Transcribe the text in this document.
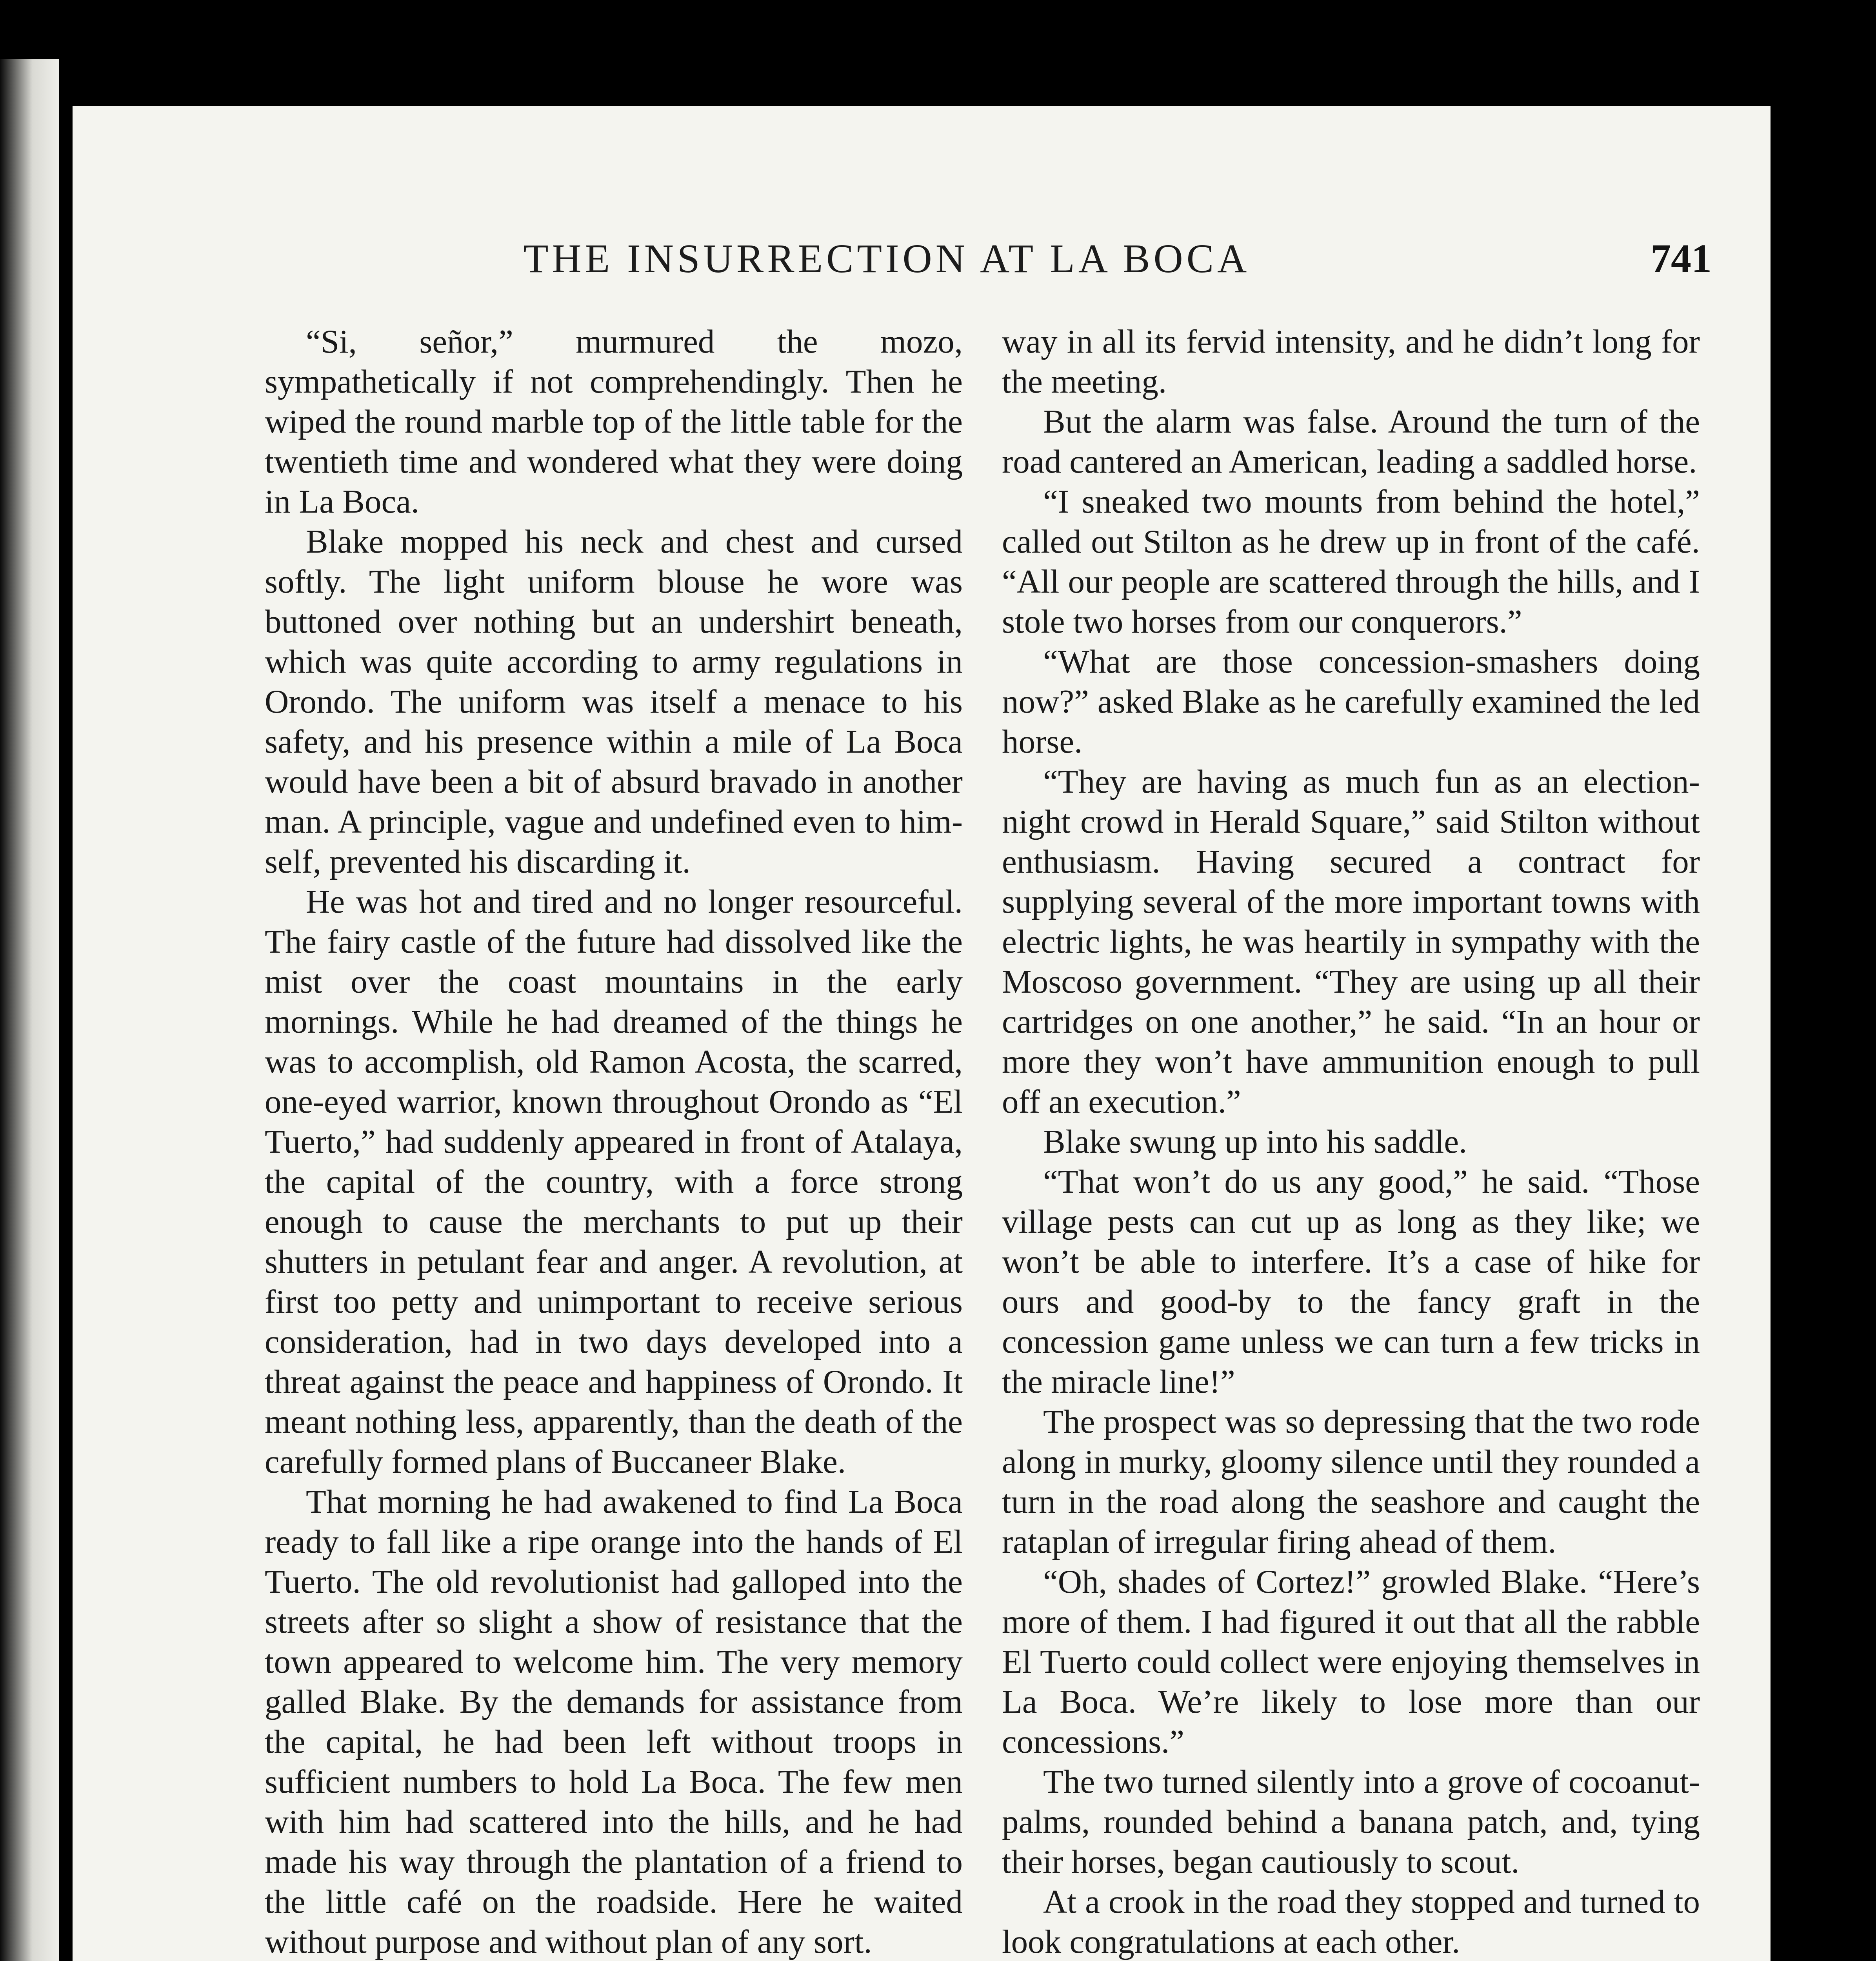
THE INSURRECTION AT LA BOCA	741

“Si, señor,” murmured the mozo, sympathetically if not comprehendingly. Then he wiped the round marble top of the little table for the twentieth time and wondered what they were doing in La Boca.

Blake mopped his neck and chest and cursed softly. The light uniform blouse he wore was buttoned over nothing but an undershirt beneath, which was quite according to army regulations in Orondo. The uniform was itself a menace to his safety, and his presence within a mile of La Boca would have been a bit of absurd bravado in another man. A principle, vague and undefined even to himself, prevented his discarding it.

He was hot and tired and no longer resourceful. The fairy castle of the future had dissolved like the mist over the coast mountains in the early mornings. While he had dreamed of the things he was to accomplish, old Ramon Acosta, the scarred, one-eyed warrior, known throughout Orondo as “El Tuerto,” had suddenly appeared in front of Atalaya, the capital of the country, with a force strong enough to cause the merchants to put up their shutters in petulant fear and anger. A revolution, at first too petty and unimportant to receive serious consideration, had in two days developed into a threat against the peace and happiness of Orondo. It meant nothing less, apparently, than the death of the carefully formed plans of Buccaneer Blake.

That morning he had awakened to find La Boca ready to fall like a ripe orange into the hands of El Tuerto. The old revolutionist had galloped into the streets after so slight a show of resistance that the town appeared to welcome him. The very memory galled Blake. By the demands for assistance from the capital, he had been left without troops in sufficient numbers to hold La Boca. The few men with him had scattered into the hills, and he had made his way through the plantation of a friend to the little café on the roadside. Here he waited without purpose and without plan of any sort.

way in all its fervid intensity, and he didn’t long for the meeting.

But the alarm was false. Around the turn of the road cantered an American, leading a saddled horse.

“I sneaked two mounts from behind the hotel,” called out Stilton as he drew up in front of the café. “All our people are scattered through the hills, and I stole two horses from our conquerors.”

“What are those concession-smashers doing now?” asked Blake as he carefully examined the led horse.

“They are having as much fun as an election-night crowd in Herald Square,” said Stilton without enthusiasm. Having secured a contract for supplying several of the more important towns with electric lights, he was heartily in sympathy with the Moscoso government. “They are using up all their cartridges on one another,” he said. “In an hour or more they won’t have ammunition enough to pull off an execution.”

Blake swung up into his saddle.

“That won’t do us any good,” he said. “Those village pests can cut up as long as they like; we won’t be able to interfere. It’s a case of hike for ours and good-by to the fancy graft in the concession game unless we can turn a few tricks in the miracle line!”

The prospect was so depressing that the two rode along in murky, gloomy silence until they rounded a turn in the road along the seashore and caught the rataplan of irregular firing ahead of them.

“Oh, shades of Cortez!” growled Blake. “Here’s more of them. I had figured it out that all the rabble El Tuerto could collect were enjoying themselves in La Boca. We’re likely to lose more than our concessions.”

The two turned silently into a grove of cocoanut-palms, rounded behind a banana patch, and, tying their horses, began cautiously to scout.

At a crook in the road they stopped and turned to look congratulations at each other.
